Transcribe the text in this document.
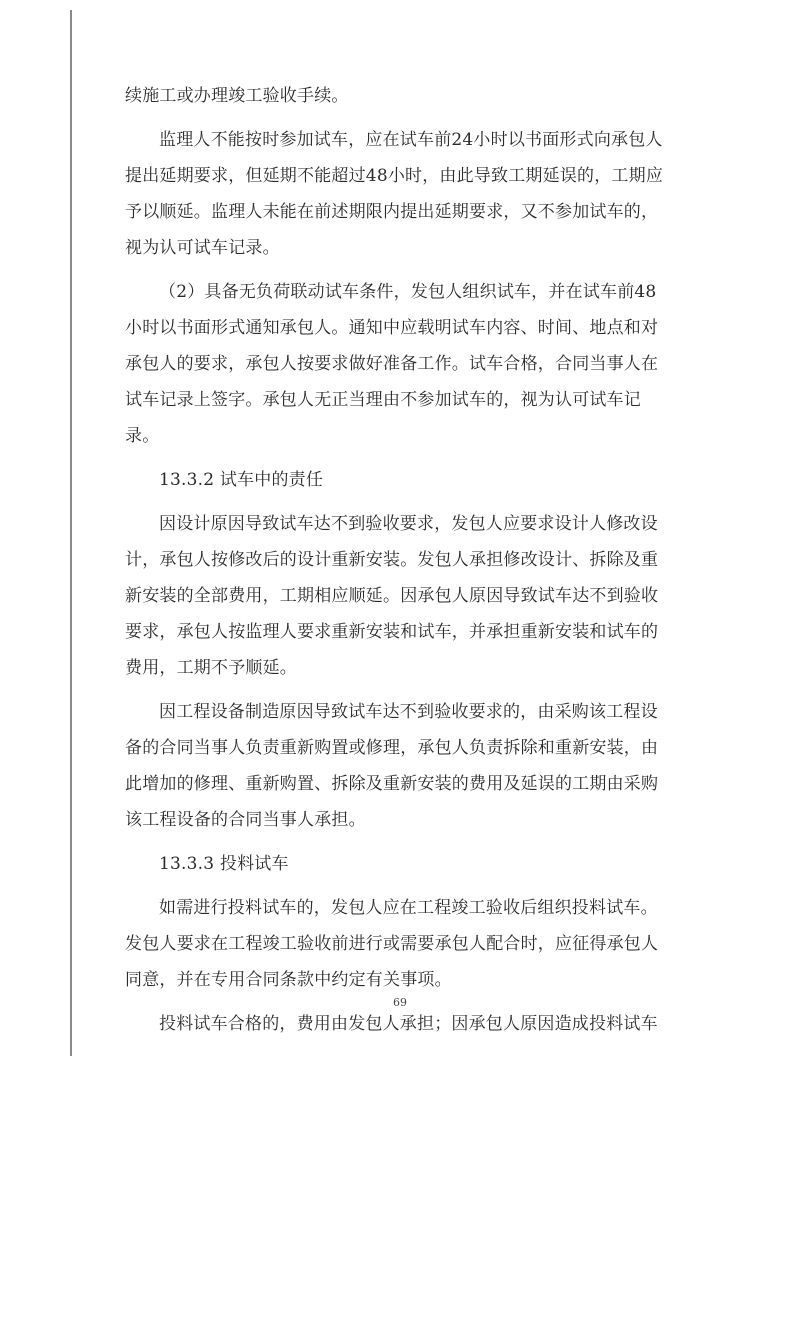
续施工或办理竣工验收手续。
监理人不能按时参加试车，应在试车前24小时以书面形式向承包人
提出延期要求，但延期不能超过48小时，由此导致工期延误的，工期应
予以顺延。监理人未能在前述期限内提出延期要求，又不参加试车的，
视为认可试车记录。
（2）具备无负荷联动试车条件，发包人组织试车，并在试车前48
小时以书面形式通知承包人。通知中应载明试车内容、时间、地点和对
承包人的要求，承包人按要求做好准备工作。试车合格，合同当事人在
试车记录上签字。承包人无正当理由不参加试车的，视为认可试车记
录。
13.3.2 试车中的责任
因设计原因导致试车达不到验收要求，发包人应要求设计人修改设
计，承包人按修改后的设计重新安装。发包人承担修改设计、拆除及重
新安装的全部费用，工期相应顺延。因承包人原因导致试车达不到验收
要求，承包人按监理人要求重新安装和试车，并承担重新安装和试车的
费用，工期不予顺延。
因工程设备制造原因导致试车达不到验收要求的，由采购该工程设
备的合同当事人负责重新购置或修理，承包人负责拆除和重新安装，由
此增加的修理、重新购置、拆除及重新安装的费用及延误的工期由采购
该工程设备的合同当事人承担。
13.3.3 投料试车
如需进行投料试车的，发包人应在工程竣工验收后组织投料试车。
发包人要求在工程竣工验收前进行或需要承包人配合时，应征得承包人
同意，并在专用合同条款中约定有关事项。
投料试车合格的，费用由发包人承担；因承包人原因造成投料试车
69
